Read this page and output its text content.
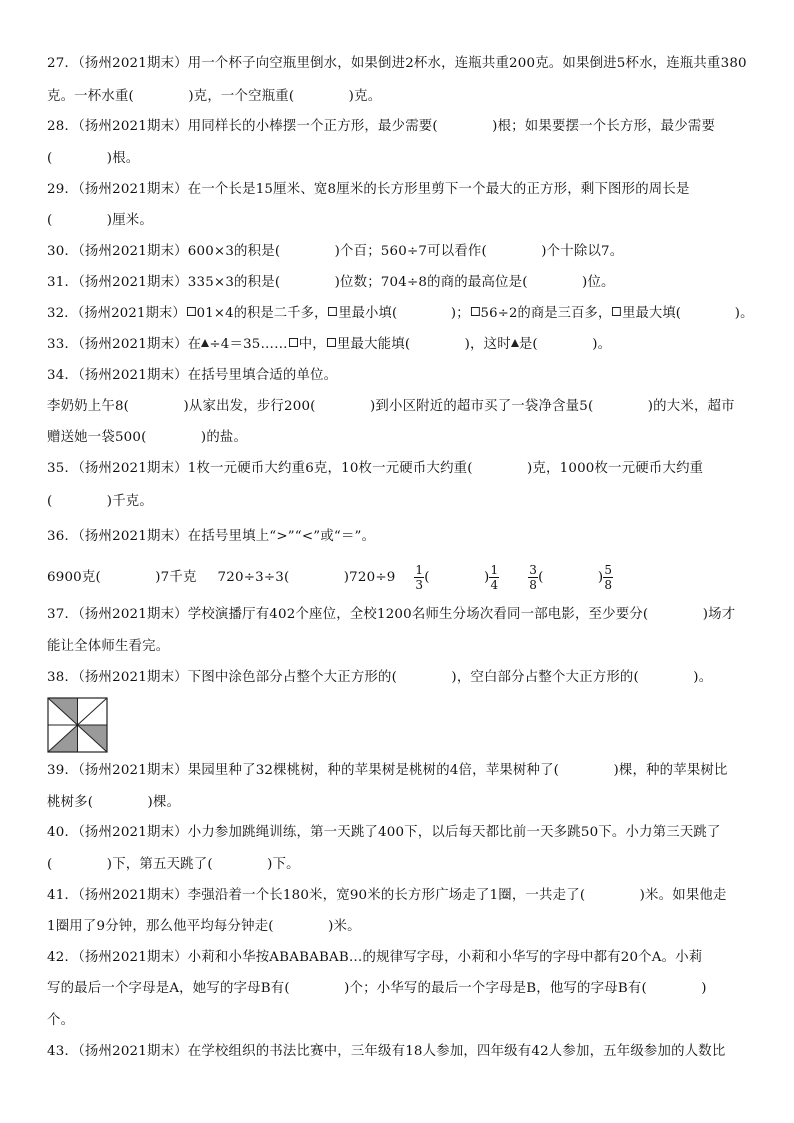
27．（扬州2021期末）用一个杯子向空瓶里倒水，如果倒进2杯水，连瓶共重200克。如果倒进5杯水，连瓶共重380
克。一杯水重(　　　　)克，一个空瓶重(　　　　)克。
28．（扬州2021期末）用同样长的小棒摆一个正方形，最少需要(　　　　)根；如果要摆一个长方形，最少需要
(　　　　)根。
29．（扬州2021期末）在一个长是15厘米、宽8厘米的长方形里剪下一个最大的正方形，剩下图形的周长是
(　　　　)厘米。
30．（扬州2021期末）600×3的积是(　　　　)个百；560÷7可以看作(　　　　)个十除以7。
31．（扬州2021期末）335×3的积是(　　　　)位数；704÷8的商的最高位是(　　　　)位。
32．（扬州2021期末） 01×4的积是二千多， 里最小填(　　　　)； 56÷2的商是三百多， 里最大填(　　　　)。
33．（扬州2021期末）在 ÷4＝35…… 中， 里最大能填(　　　　)，这时 是(　　　　)。
34．（扬州2021期末）在括号里填合适的单位。
李奶奶上午8(　　　　)从家出发，步行200(　　　　)到小区附近的超市买了一袋净含量5(　　　　)的大米，超市
赠送她一袋500(　　　　)的盐。
35．（扬州2021期末）1枚一元硬币大约重6克，10枚一元硬币大约重(　　　　)克，1000枚一元硬币大约重
(　　　　)千克。
36．（扬州2021期末）在括号里填上“>”“<”或“＝”。
6900克(　　　　)7千克 720÷3÷3(　　　　)$720\div 9 \frac{1}{3}$ (　　　　) $\frac{1}{4}$
$\frac{3}{8}$ (　　　　) $\frac{5}{8}$
37．（扬州2021期末）学校演播厅有402个座位，全校1200名师生分场次看同一部电影，至少要分(　　　　)场才
能让全体师生看完。
38．（扬州2021期末）下图中涂色部分占整个大正方形的(　　　　)，空白部分占整个大正方形的(　　　　)。
39．（扬州2021期末）果园里种了32棵桃树，种的苹果树是桃树的4倍，苹果树种了(　　　　)棵，种的苹果树比
桃树多(　　　　)棵。
40．（扬州2021期末）小力参加跳绳训练，第一天跳了400下，以后每天都比前一天多跳50下。小力第三天跳了
(　　　　)下，第五天跳了(　　　　)下。
41．（扬州2021期末）李强沿着一个长180米，宽90米的长方形广场走了1圈，一共走了(　　　　)米。如果他走
1圈用了9分钟，那么他平均每分钟走(　　　　)米。
42．（扬州2021期末）小莉和小华按ABABABAB…的规律写字母，小莉和小华写的字母中都有20个A。小莉
写的最后一个字母是A，她写的字母B有(　　　　)个；小华写的最后一个字母是B，他写的字母B有(　　　　)
个。
43．（扬州2021期末）在学校组织的书法比赛中，三年级有18人参加，四年级有42人参加，五年级参加的人数比
